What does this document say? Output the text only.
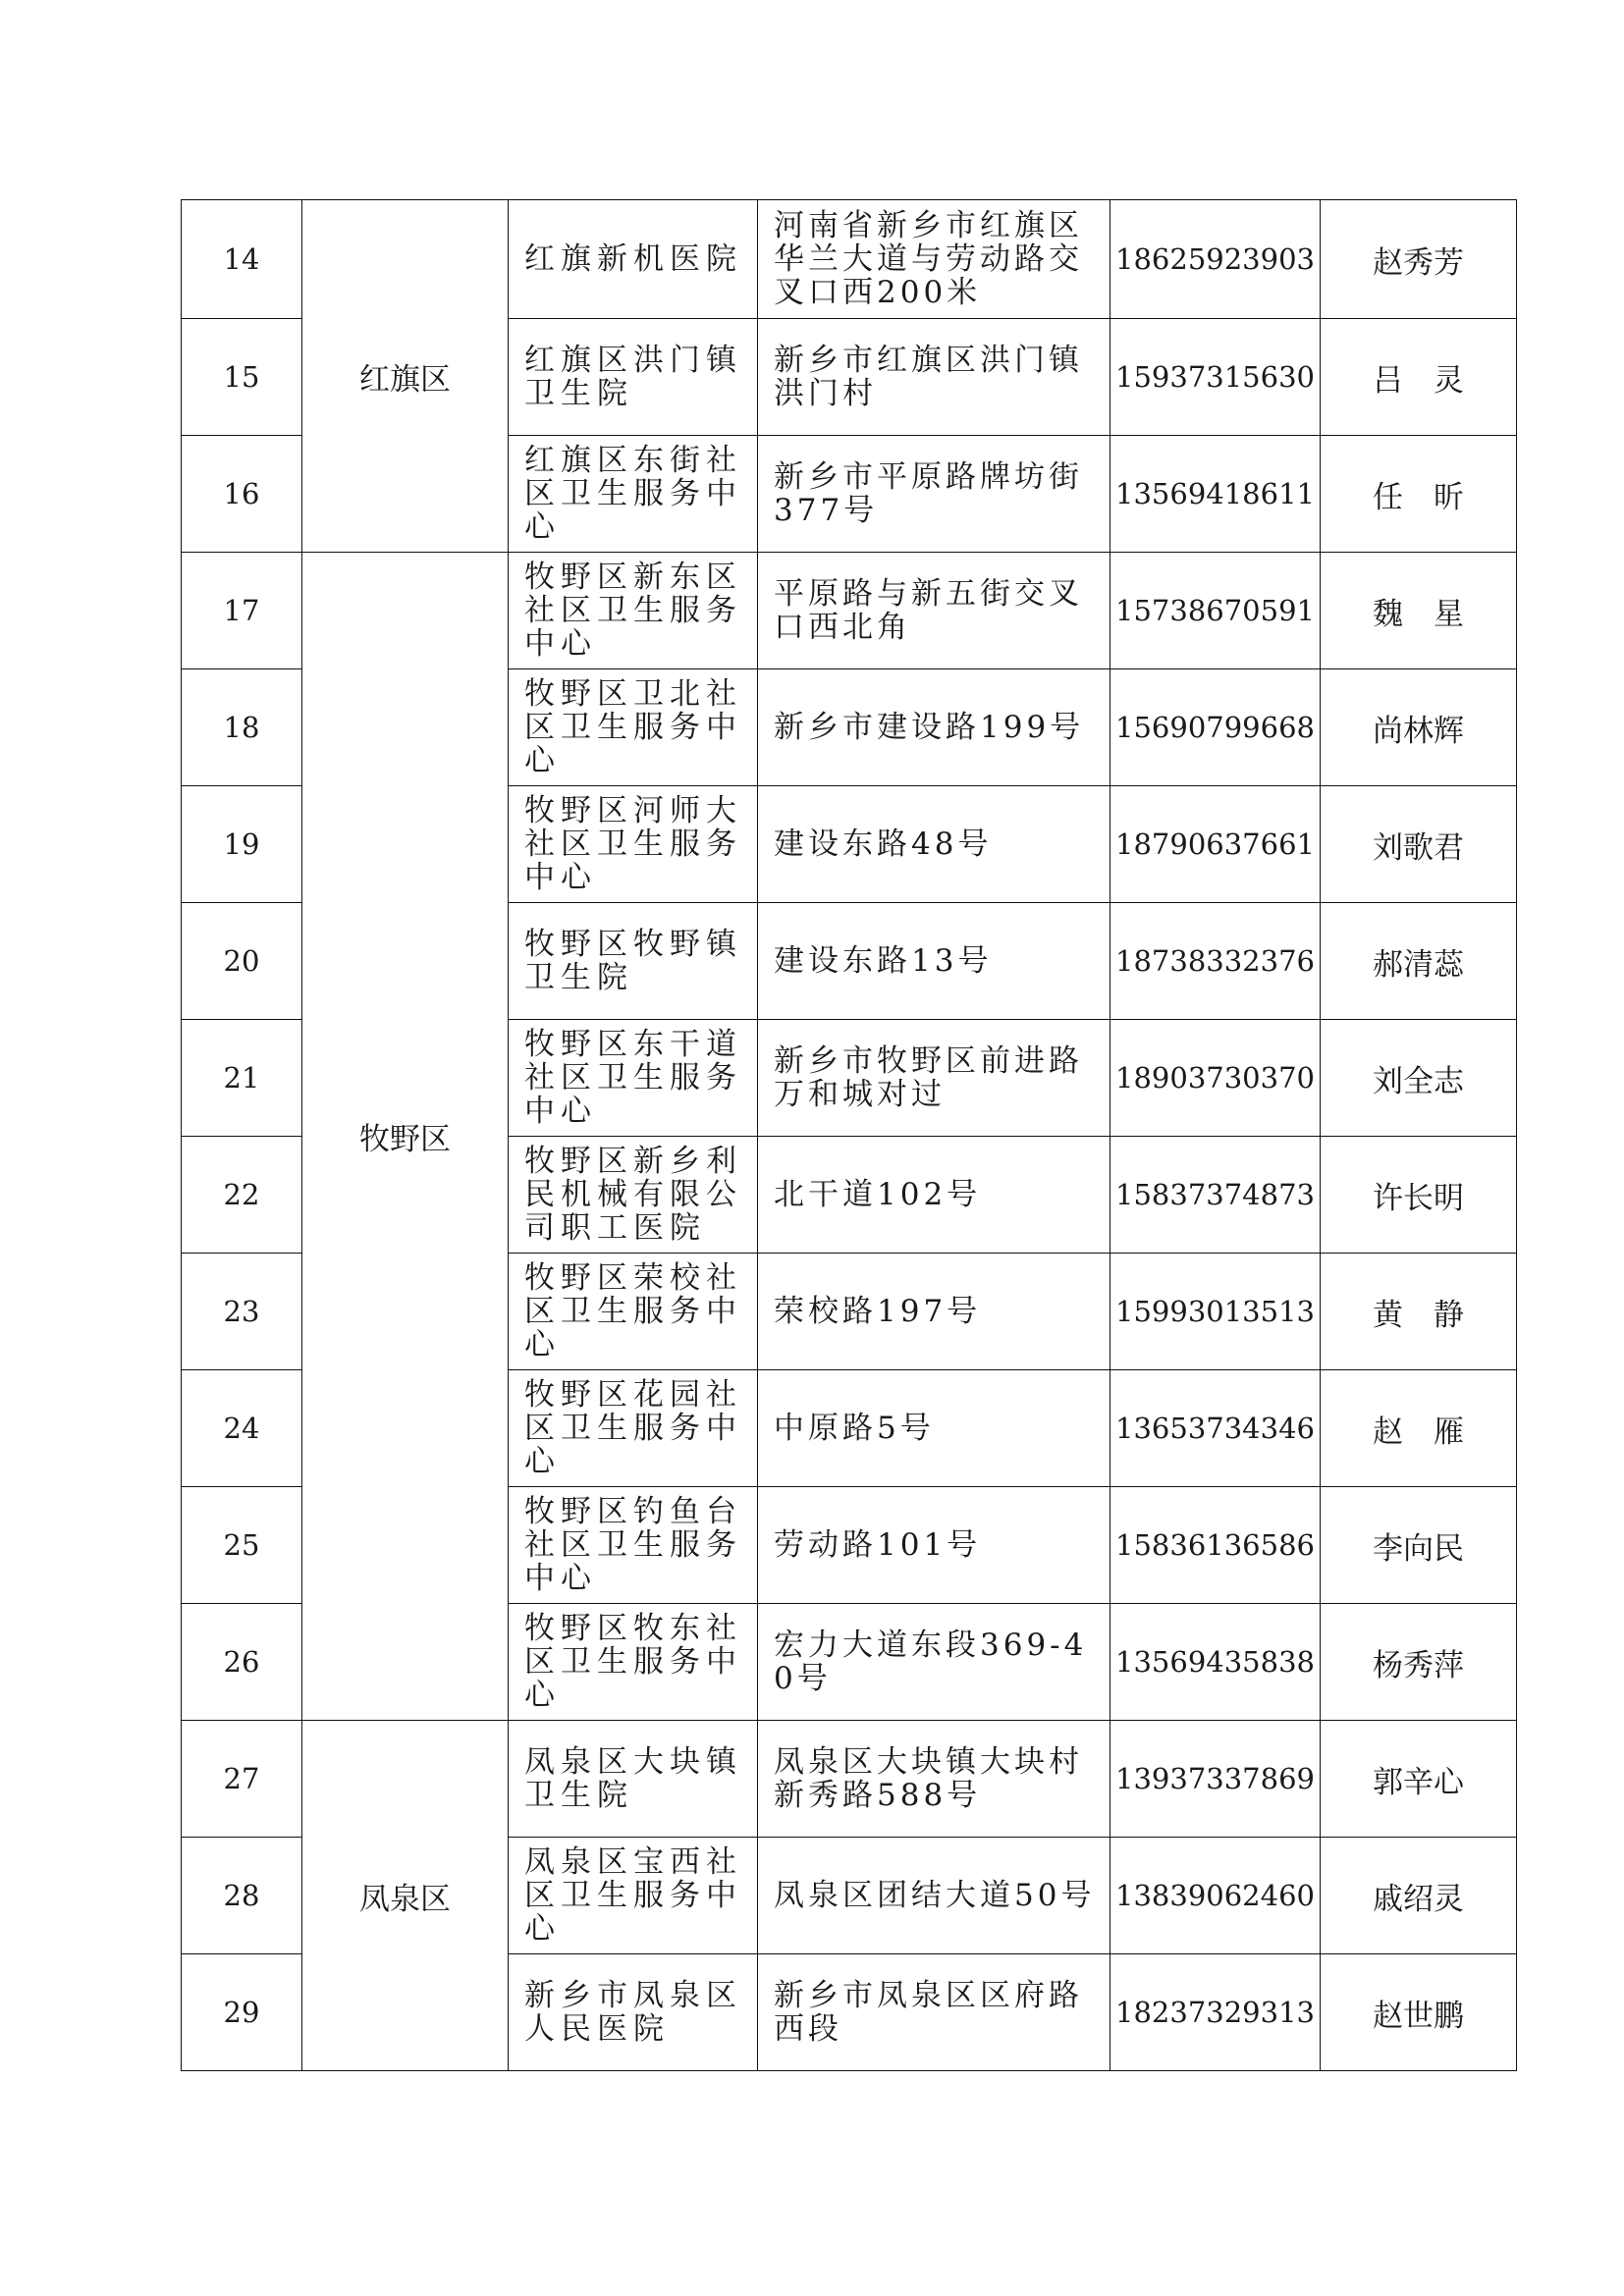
14	红旗区	红旗新机医院	河南省新乡市红旗区华兰大道与劳动路交叉口西200米	18625923903	赵秀芳
15		红旗区洪门镇卫生院	新乡市红旗区洪门镇洪门村	15937315630	吕　灵
16		红旗区东街社区卫生服务中心	新乡市平原路牌坊街377号	13569418611	任　昕
17	牧野区	牧野区新东区社区卫生服务中心	平原路与新五街交叉口西北角	15738670591	魏　星
18		牧野区卫北社区卫生服务中心	新乡市建设路199号	15690799668	尚林辉
19		牧野区河师大社区卫生服务中心	建设东路48号	18790637661	刘歌君
20		牧野区牧野镇卫生院	建设东路13号	18738332376	郝清蕊
21		牧野区东干道社区卫生服务中心	新乡市牧野区前进路万和城对过	18903730370	刘全志
22		牧野区新乡利民机械有限公司职工医院	北干道102号	15837374873	许长明
23		牧野区荣校社区卫生服务中心	荣校路197号	15993013513	黄　静
24		牧野区花园社区卫生服务中心	中原路5号	13653734346	赵　雁
25		牧野区钓鱼台社区卫生服务中心	劳动路101号	15836136586	李向民
26		牧野区牧东社区卫生服务中心	宏力大道东段369-40号	13569435838	杨秀萍
27	凤泉区	凤泉区大块镇卫生院	凤泉区大块镇大块村新秀路588号	13937337869	郭辛心
28		凤泉区宝西社区卫生服务中心	凤泉区团结大道50号	13839062460	戚绍灵
29		新乡市凤泉区人民医院	新乡市凤泉区区府路西段	18237329313	赵世鹏
